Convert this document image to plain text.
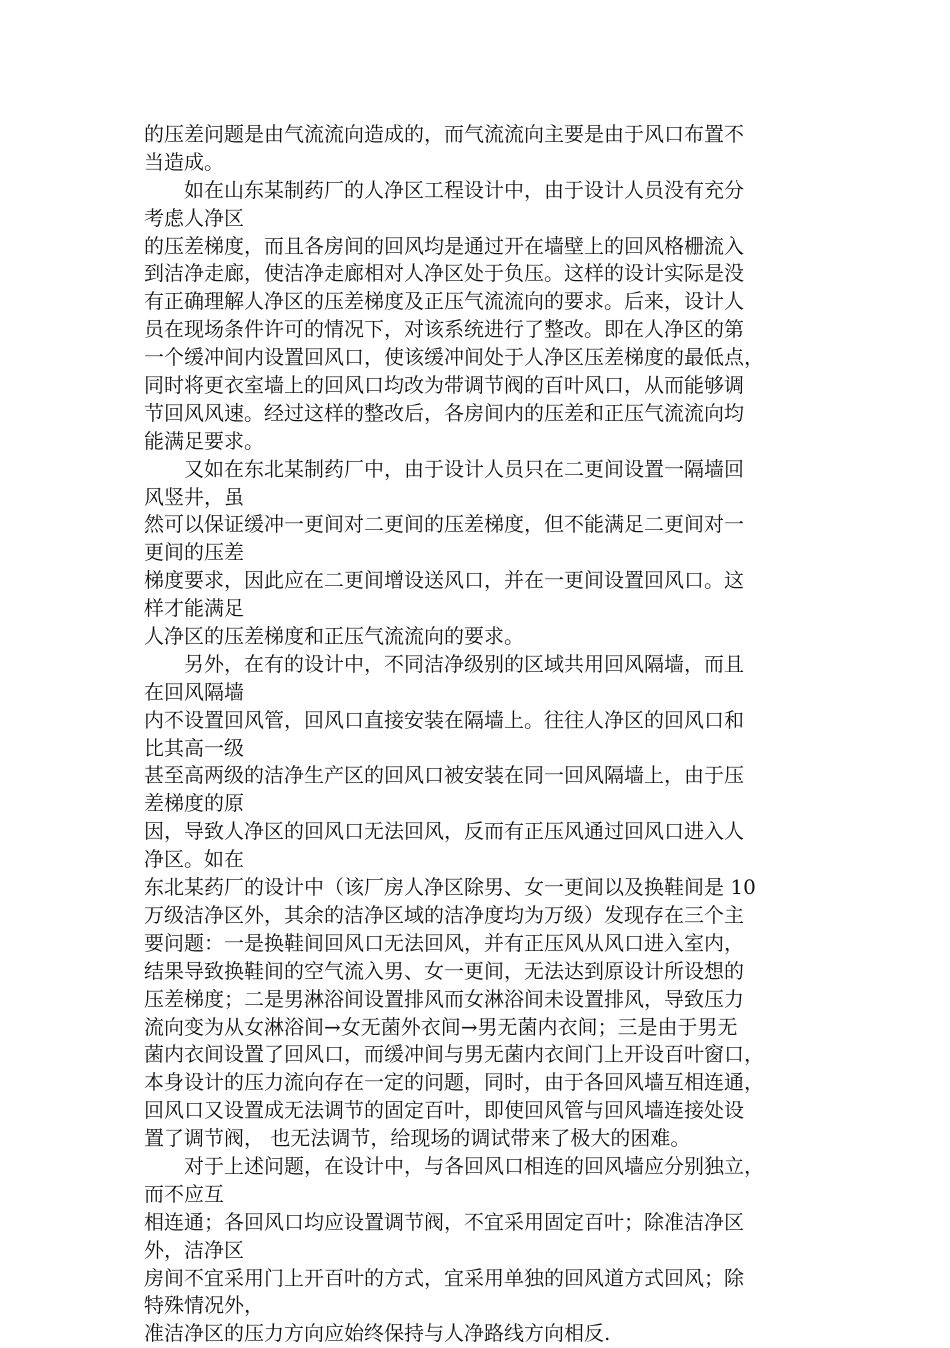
的压差问题是由气流流向造成的，而气流流向主要是由于风口布置不
当造成。
如在山东某制药厂的人净区工程设计中，由于设计人员没有充分
考虑人净区
的压差梯度，而且各房间的回风均是通过开在墙壁上的回风格栅流入
到洁净走廊，使洁净走廊相对人净区处于负压。这样的设计实际是没
有正确理解人净区的压差梯度及正压气流流向的要求。后来，设计人
员在现场条件许可的情况下，对该系统进行了整改。即在人净区的第
一个缓冲间内设置回风口，使该缓冲间处于人净区压差梯度的最低点，
同时将更衣室墙上的回风口均改为带调节阀的百叶风口，从而能够调
节回风风速。经过这样的整改后，各房间内的压差和正压气流流向均
能满足要求。
又如在东北某制药厂中，由于设计人员只在二更间设置一隔墙回
风竖井，虽
然可以保证缓冲一更间对二更间的压差梯度，但不能满足二更间对一
更间的压差
梯度要求，因此应在二更间增设送风口，并在一更间设置回风口。这
样才能满足
人净区的压差梯度和正压气流流向的要求。
另外，在有的设计中，不同洁净级别的区域共用回风隔墙，而且
在回风隔墙
内不设置回风管，回风口直接安装在隔墙上。往往人净区的回风口和
比其高一级
甚至高两级的洁净生产区的回风口被安装在同一回风隔墙上，由于压
差梯度的原
因，导致人净区的回风口无法回风，反而有正压风通过回风口进入人
净区。如在
东北某药厂的设计中（该厂房人净区除男、女一更间以及换鞋间是 10
万级洁净区外，其余的洁净区域的洁净度均为万级）发现存在三个主
要问题：一是换鞋间回风口无法回风，并有正压风从风口进入室内，
结果导致换鞋间的空气流入男、女一更间，无法达到原设计所设想的
压差梯度；二是男淋浴间设置排风而女淋浴间未设置排风，导致压力
流向变为从女淋浴间→女无菌外衣间→男无菌内衣间；三是由于男无
菌内衣间设置了回风口，而缓冲间与男无菌内衣间门上开设百叶窗口，
本身设计的压力流向存在一定的问题，同时，由于各回风墙互相连通，
回风口又设置成无法调节的固定百叶，即使回风管与回风墙连接处设
置了调节阀， 也无法调节，给现场的调试带来了极大的困难。
对于上述问题，在设计中，与各回风口相连的回风墙应分别独立，
而不应互
相连通；各回风口均应设置调节阀，不宜采用固定百叶；除准洁净区
外，洁净区
房间不宜采用门上开百叶的方式，宜采用单独的回风道方式回风；除
特殊情况外，
准洁净区的压力方向应始终保持与人净路线方向相反.
